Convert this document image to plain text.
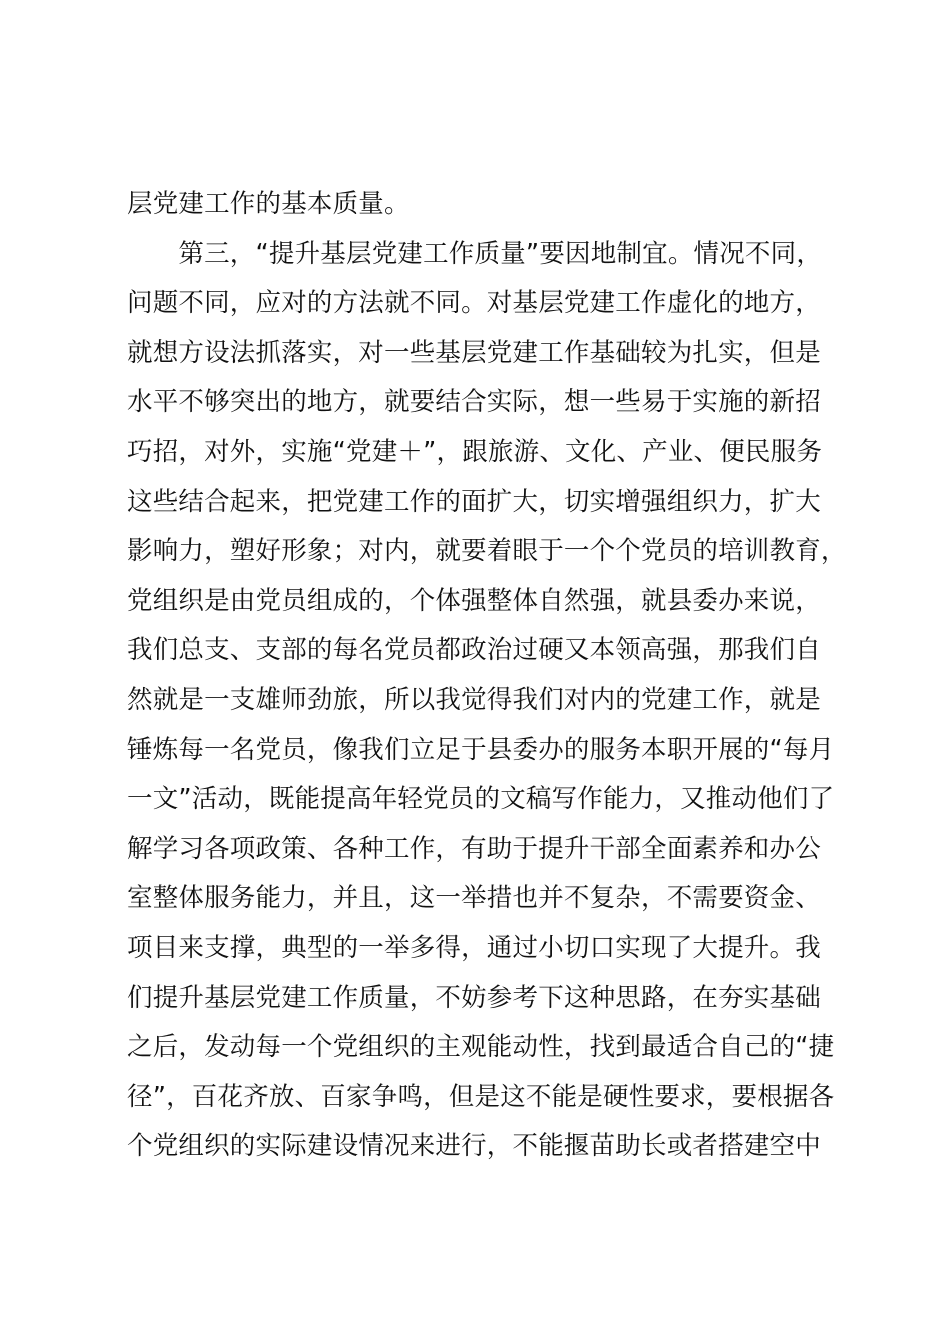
层党建工作的基本质量。
　　第三，“提升基层党建工作质量”要因地制宜。情况不同，
问题不同，应对的方法就不同。对基层党建工作虚化的地方，
就想方设法抓落实，对一些基层党建工作基础较为扎实，但是
水平不够突出的地方，就要结合实际，想一些易于实施的新招
巧招，对外，实施“党建＋”，跟旅游、文化、产业、便民服务
这些结合起来，把党建工作的面扩大，切实增强组织力，扩大
影响力，塑好形象；对内，就要着眼于一个个党员的培训教育，
党组织是由党员组成的，个体强整体自然强，就县委办来说，
我们总支、支部的每名党员都政治过硬又本领高强，那我们自
然就是一支雄师劲旅，所以我觉得我们对内的党建工作，就是
锤炼每一名党员，像我们立足于县委办的服务本职开展的“每月
一文”活动，既能提高年轻党员的文稿写作能力，又推动他们了
解学习各项政策、各种工作，有助于提升干部全面素养和办公
室整体服务能力，并且，这一举措也并不复杂，不需要资金、
项目来支撑，典型的一举多得，通过小切口实现了大提升。我
们提升基层党建工作质量，不妨参考下这种思路，在夯实基础
之后，发动每一个党组织的主观能动性，找到最适合自己的“捷
径”，百花齐放、百家争鸣，但是这不能是硬性要求，要根据各
个党组织的实际建设情况来进行，不能揠苗助长或者搭建空中
